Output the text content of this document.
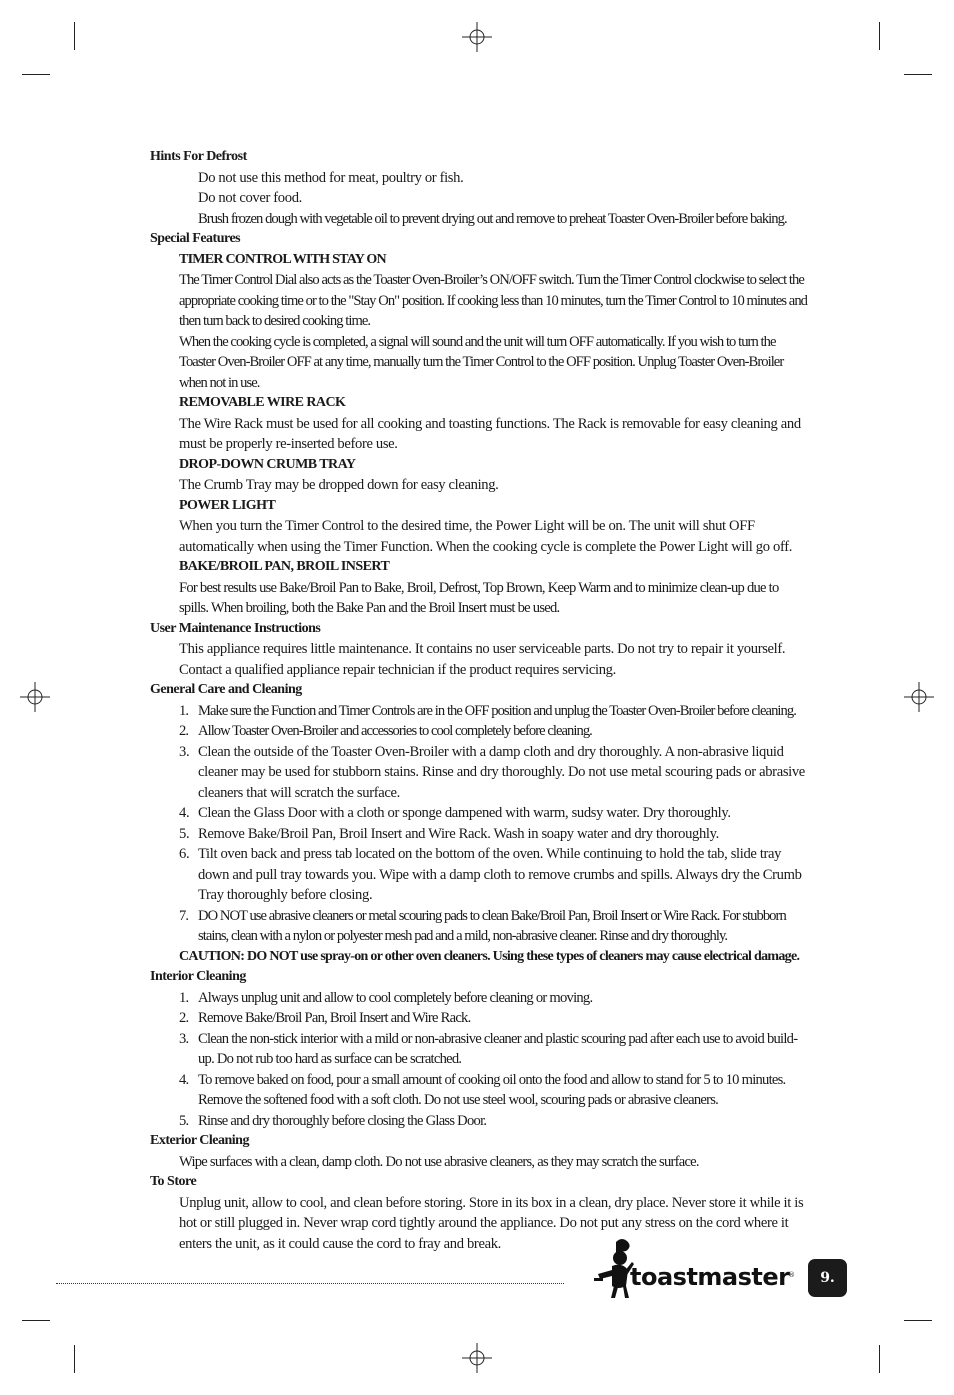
Hints For Defrost

Do not use this method for meat, poultry or fish.

Do not cover food.

Brush frozen dough with vegetable oil to prevent drying out and remove to preheat Toaster Oven-Broiler before baking.

Special Features

TIMER CONTROL WITH STAY ON

The Timer Control Dial also acts as the Toaster Oven-Broiler’s ON/OFF switch. Turn the Timer Control clockwise to select the appropriate cooking time or to the "Stay On" position. If cooking less than 10 minutes, turn the Timer Control to 10 minutes and then turn back to desired cooking time.

When the cooking cycle is completed, a signal will sound and the unit will turn OFF automatically. If you wish to turn the Toaster Oven-Broiler OFF at any time, manually turn the Timer Control to the OFF position. Unplug Toaster Oven-Broiler when not in use.

REMOVABLE WIRE RACK

The Wire Rack must be used for all cooking and toasting functions. The Rack is removable for easy cleaning and must be properly re-inserted before use.

DROP-DOWN CRUMB TRAY

The Crumb Tray may be dropped down for easy cleaning.

POWER LIGHT

When you turn the Timer Control to the desired time, the Power Light will be on. The unit will shut OFF automatically when using the Timer Function. When the cooking cycle is complete the Power Light will go off.

BAKE/BROIL PAN, BROIL INSERT

For best results use Bake/Broil Pan to Bake, Broil, Defrost, Top Brown, Keep Warm and to minimize clean-up due to spills. When broiling, both the Bake Pan and the Broil Insert must be used.

User Maintenance Instructions

This appliance requires little maintenance. It contains no user serviceable parts. Do not try to repair it yourself. Contact a qualified appliance repair technician if the product requires servicing.

General Care and Cleaning

1. Make sure the Function and Timer Controls are in the OFF position and unplug the Toaster Oven-Broiler before cleaning.
2. Allow Toaster Oven-Broiler and accessories to cool completely before cleaning.
3. Clean the outside of the Toaster Oven-Broiler with a damp cloth and dry thoroughly. A non-abrasive liquid cleaner may be used for stubborn stains. Rinse and dry thoroughly. Do not use metal scouring pads or abrasive cleaners that will scratch the surface.
4. Clean the Glass Door with a cloth or sponge dampened with warm, sudsy water. Dry thoroughly.
5. Remove Bake/Broil Pan, Broil Insert and Wire Rack. Wash in soapy water and dry thoroughly.
6. Tilt oven back and press tab located on the bottom of the oven. While continuing to hold the tab, slide tray down and pull tray towards you. Wipe with a damp cloth to remove crumbs and spills. Always dry the Crumb Tray thoroughly before closing.
7. DO NOT use abrasive cleaners or metal scouring pads to clean Bake/Broil Pan, Broil Insert or Wire Rack. For stubborn stains, clean with a nylon or polyester mesh pad and a mild, non-abrasive cleaner. Rinse and dry thoroughly.

CAUTION: DO NOT use spray-on or other oven cleaners. Using these types of cleaners may cause electrical damage.

Interior Cleaning

1. Always unplug unit and allow to cool completely before cleaning or moving.
2. Remove Bake/Broil Pan, Broil Insert and Wire Rack.
3. Clean the non-stick interior with a mild or non-abrasive cleaner and plastic scouring pad after each use to avoid build-up. Do not rub too hard as surface can be scratched.
4. To remove baked on food, pour a small amount of cooking oil onto the food and allow to stand for 5 to 10 minutes. Remove the softened food with a soft cloth. Do not use steel wool, scouring pads or abrasive cleaners.
5. Rinse and dry thoroughly before closing the Glass Door.

Exterior Cleaning

Wipe surfaces with a clean, damp cloth. Do not use abrasive cleaners, as they may scratch the surface.

To Store

Unplug unit, allow to cool, and clean before storing. Store in its box in a clean, dry place. Never store it while it is hot or still plugged in. Never wrap cord tightly around the appliance. Do not put any stress on the cord where it enters the unit, as it could cause the cord to fray and break.

toastmaster
® 9.
